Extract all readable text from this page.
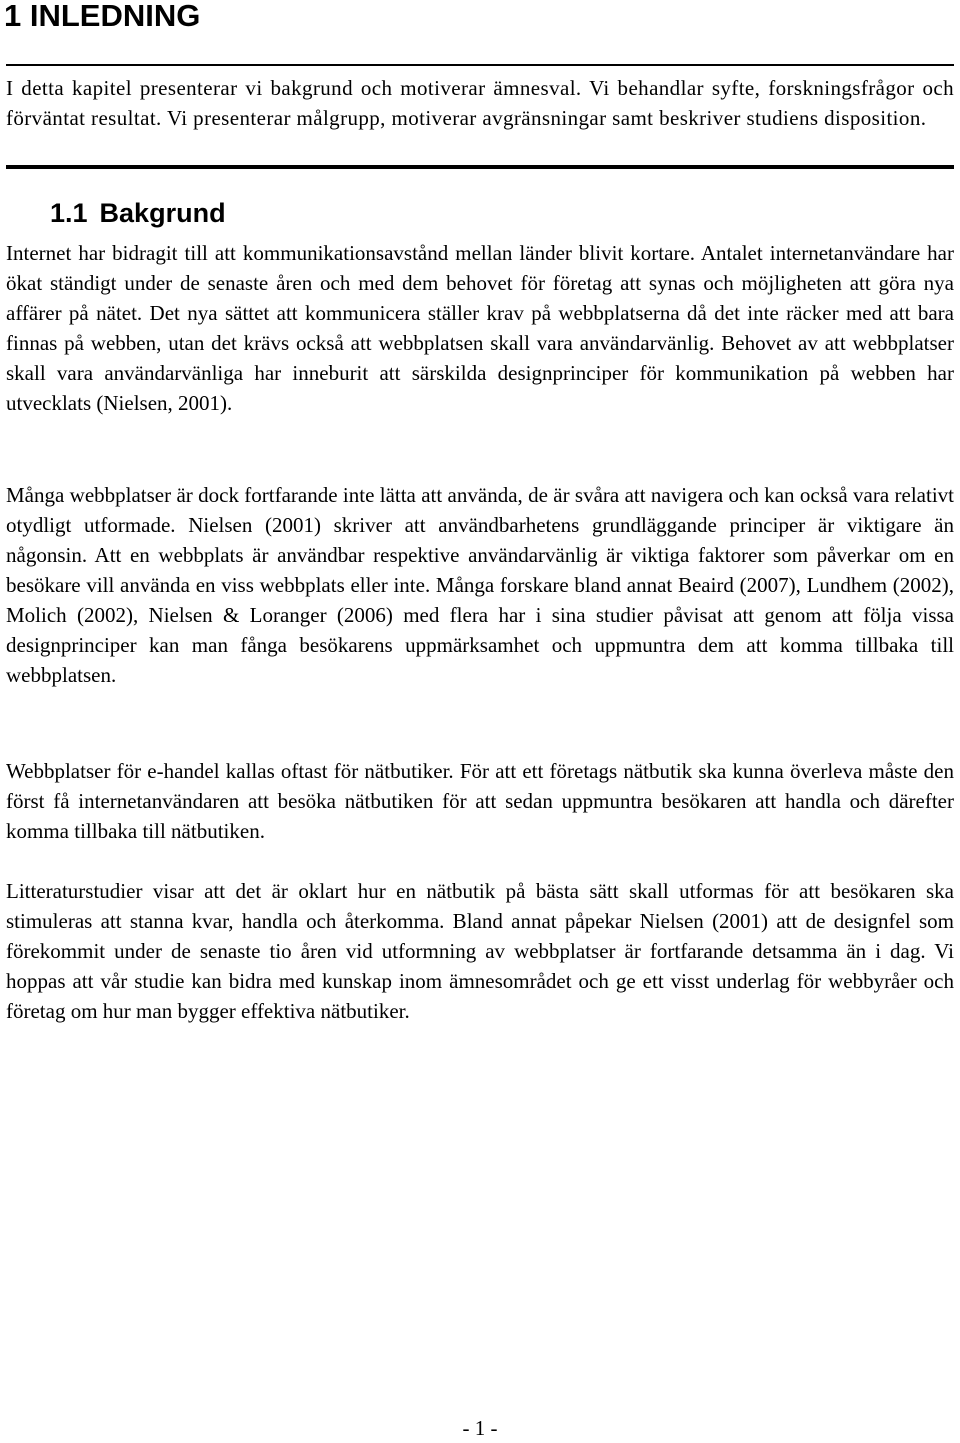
1 INLEDNING

I detta kapitel presenterar vi bakgrund och motiverar ämnesval. Vi behandlar syfte, forskningsfrågor och förväntat resultat. Vi presenterar målgrupp, motiverar avgränsningar samt beskriver studiens disposition.

1.1 Bakgrund

Internet har bidragit till att kommunikationsavstånd mellan länder blivit kortare. Antalet internetanvändare har ökat ständigt under de senaste åren och med dem behovet för företag att synas och möjligheten att göra nya affärer på nätet. Det nya sättet att kommunicera ställer krav på webbplatserna då det inte räcker med att bara finnas på webben, utan det krävs också att webbplatsen skall vara användarvänlig. Behovet av att webbplatser skall vara användarvänliga har inneburit att särskilda designprinciper för kommunikation på webben har utvecklats (Nielsen, 2001).

Många webbplatser är dock fortfarande inte lätta att använda, de är svåra att navigera och kan också vara relativt otydligt utformade. Nielsen (2001) skriver att användbarhetens grundläggande principer är viktigare än någonsin. Att en webbplats är användbar respektive användarvänlig är viktiga faktorer som påverkar om en besökare vill använda en viss webbplats eller inte. Många forskare bland annat Beaird (2007), Lundhem (2002), Molich (2002), Nielsen & Loranger (2006) med flera har i sina studier påvisat att genom att följa vissa designprinciper kan man fånga besökarens uppmärksamhet och uppmuntra dem att komma tillbaka till webbplatsen.

Webbplatser för e-handel kallas oftast för nätbutiker. För att ett företags nätbutik ska kunna överleva måste den först få internetanvändaren att besöka nätbutiken för att sedan uppmuntra besökaren att handla och därefter komma tillbaka till nätbutiken.

Litteraturstudier visar att det är oklart hur en nätbutik på bästa sätt skall utformas för att besökaren ska stimuleras att stanna kvar, handla och återkomma. Bland annat påpekar Nielsen (2001) att de designfel som förekommit under de senaste tio åren vid utformning av webbplatser är fortfarande detsamma än i dag. Vi hoppas att vår studie kan bidra med kunskap inom ämnesområdet och ge ett visst underlag för webbyråer och företag om hur man bygger effektiva nätbutiker.

- 1 -
